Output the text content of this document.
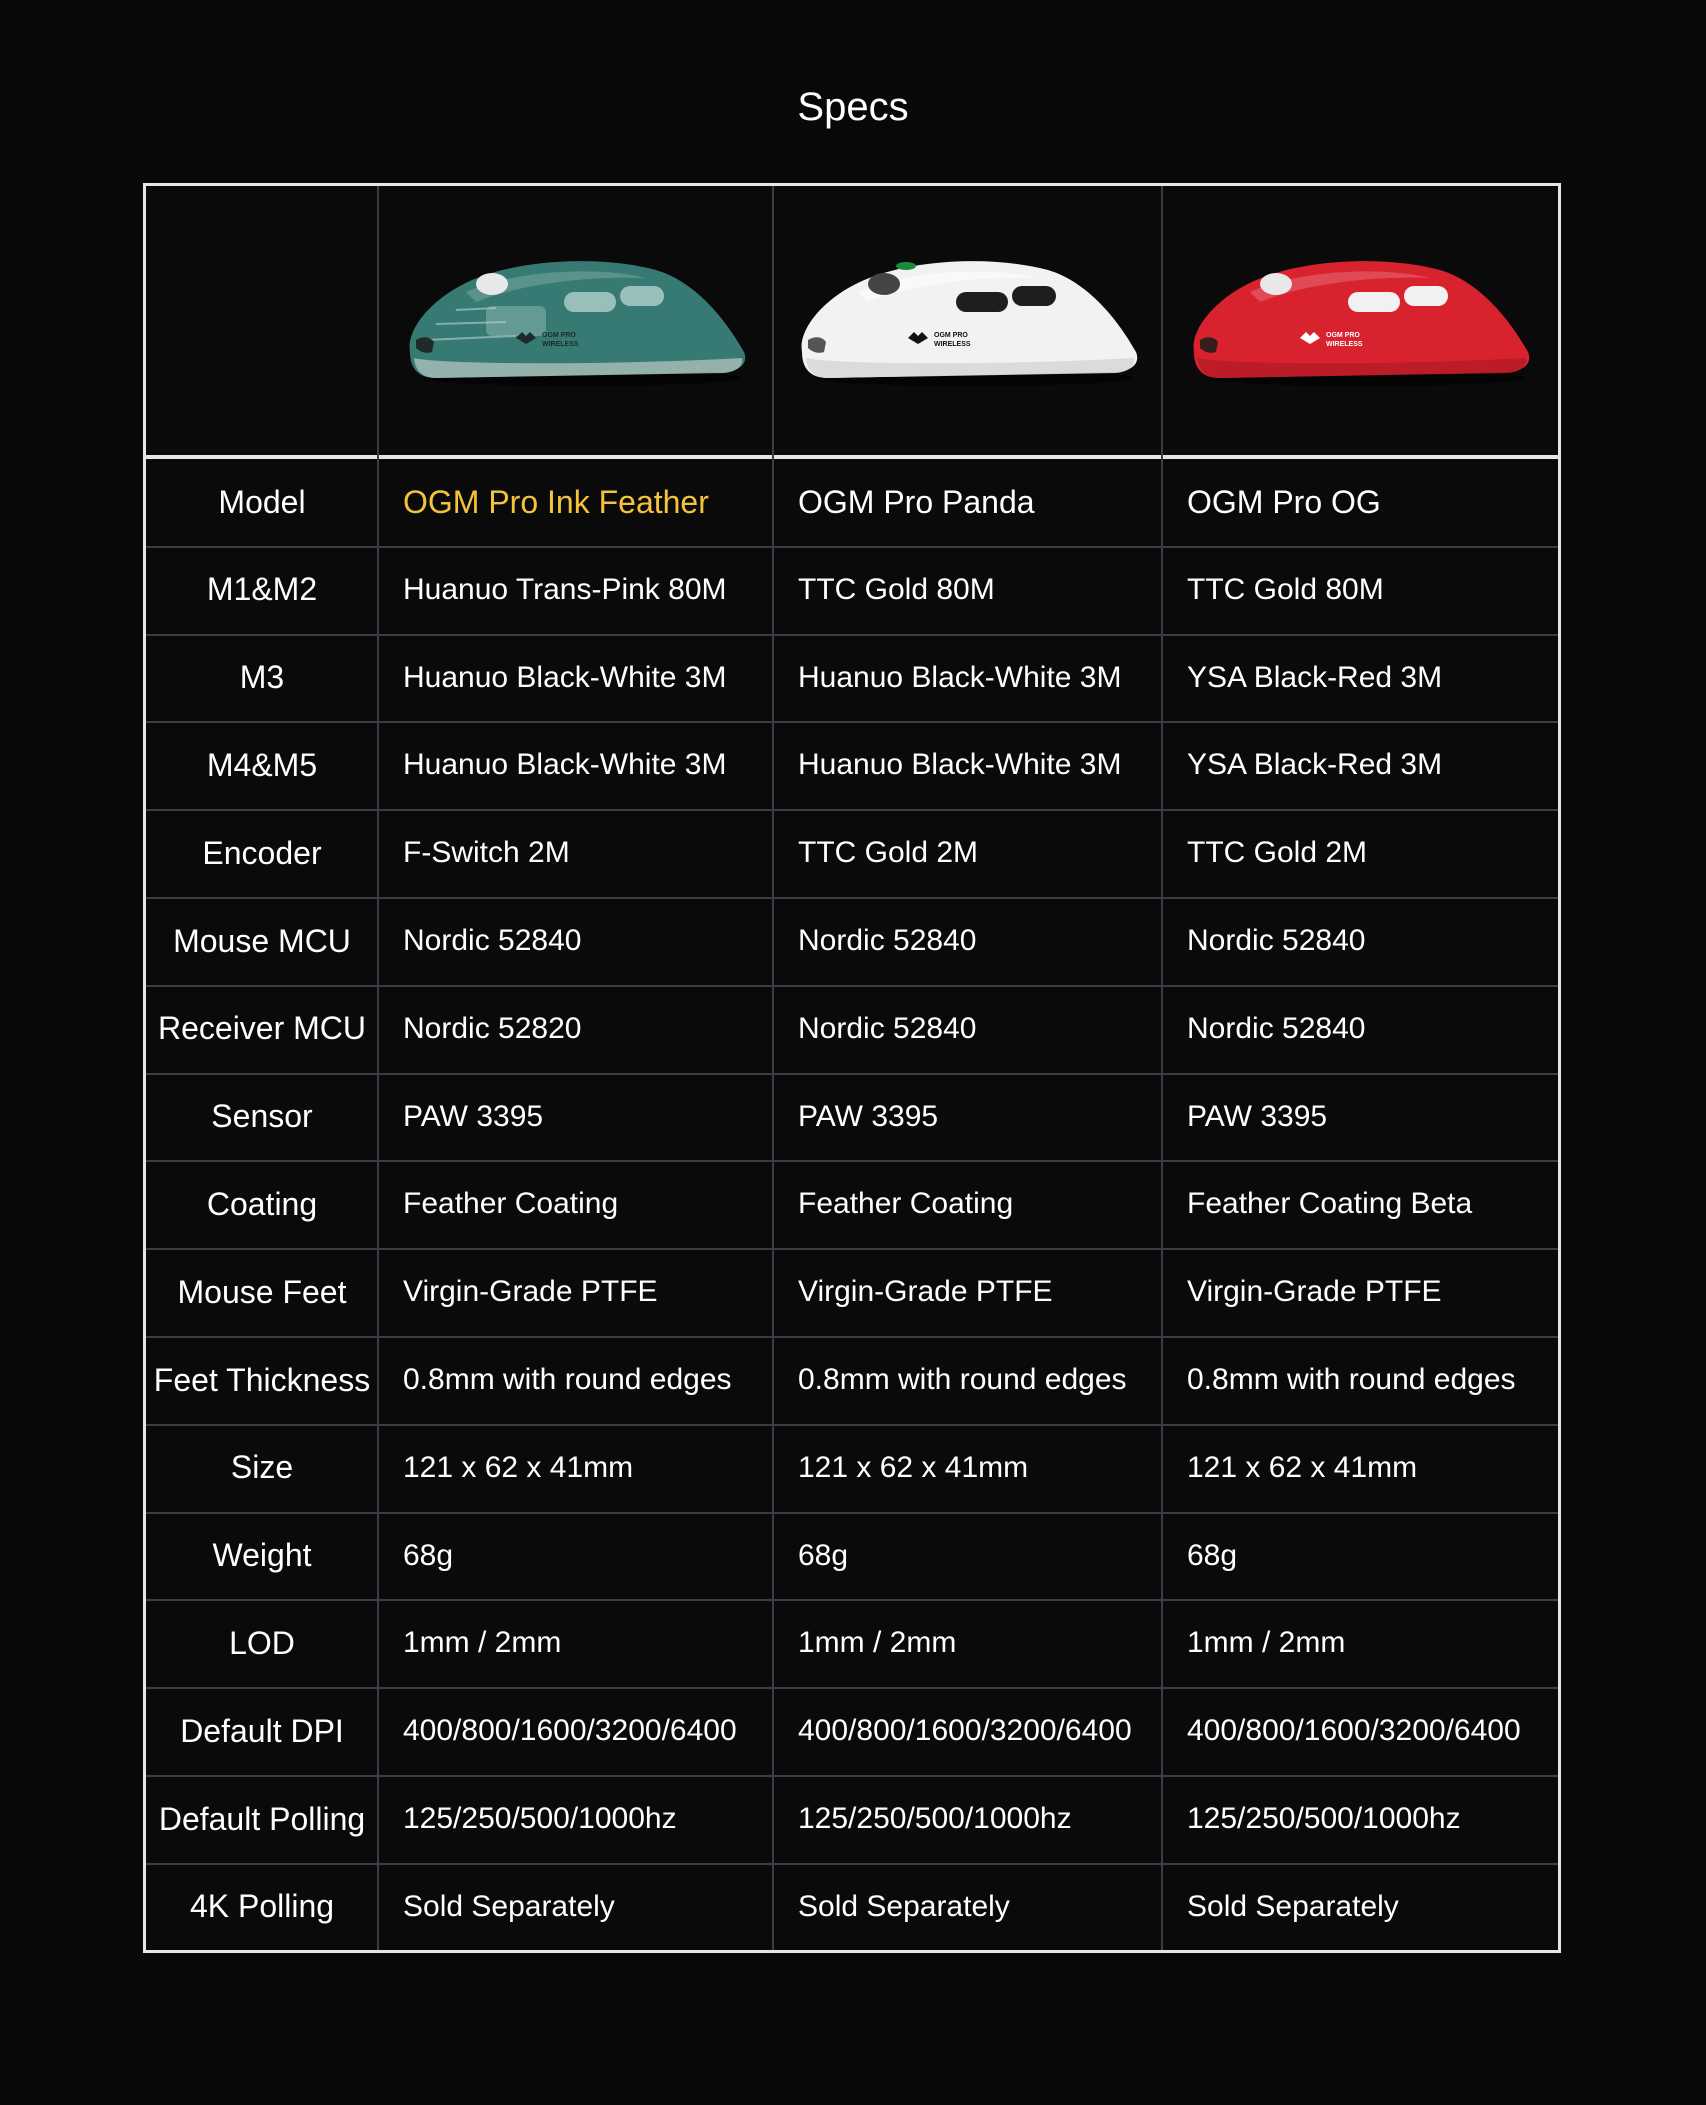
Specs
OGM PRO
WIRELESS
OGM PRO
WIRELESS
OGM PRO
WIRELESS
Model	OGM Pro Ink Feather	OGM Pro Panda	OGM Pro OG
M1&M2	Huanuo Trans-Pink 80M	TTC Gold 80M	TTC Gold 80M
M3	Huanuo Black-White 3M	Huanuo Black-White 3M	YSA Black-Red 3M
M4&M5	Huanuo Black-White 3M	Huanuo Black-White 3M	YSA Black-Red 3M
Encoder	F-Switch 2M	TTC Gold 2M	TTC Gold 2M
Mouse MCU	Nordic 52840	Nordic 52840	Nordic 52840
Receiver MCU	Nordic 52820	Nordic 52840	Nordic 52840
Sensor	PAW 3395	PAW 3395	PAW 3395
Coating	Feather Coating	Feather Coating	Feather Coating Beta
Mouse Feet	Virgin-Grade PTFE	Virgin-Grade PTFE	Virgin-Grade PTFE
Feet Thickness	0.8mm with round edges	0.8mm with round edges	0.8mm with round edges
Size	121 x 62 x 41mm	121 x 62 x 41mm	121 x 62 x 41mm
Weight	68g	68g	68g
LOD	1mm / 2mm	1mm / 2mm	1mm / 2mm
Default DPI	400/800/1600/3200/6400	400/800/1600/3200/6400	400/800/1600/3200/6400
Default Polling	125/250/500/1000hz	125/250/500/1000hz	125/250/500/1000hz
4K Polling	Sold Separately	Sold Separately	Sold Separately
